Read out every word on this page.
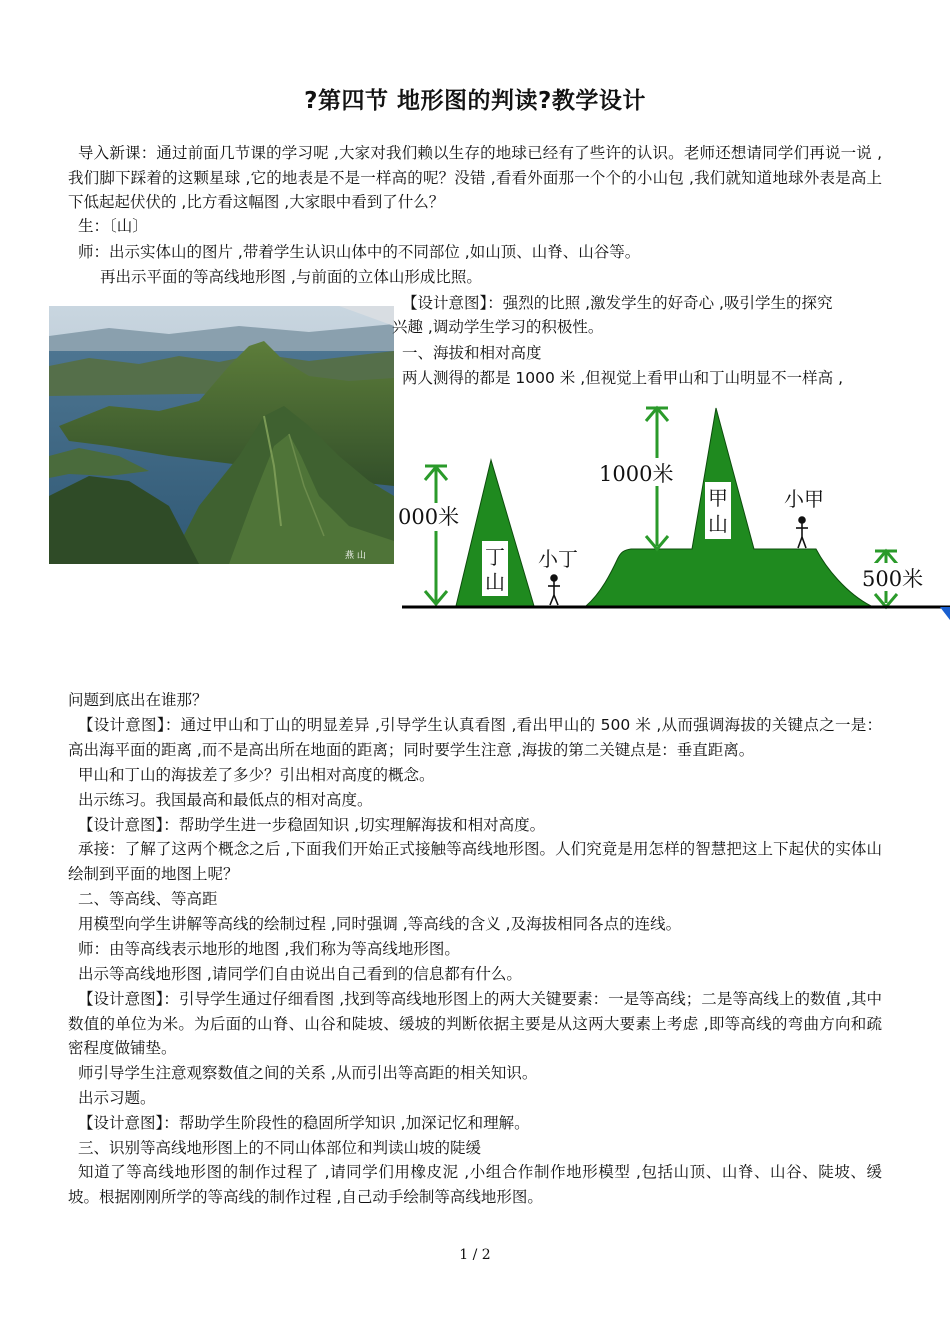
?第四节 地形图的判读?教学设计
导入新课：通过前面几节课的学习呢 ,大家对我们赖以生存的地球已经有了些许的认识。老师还想请同学们再说一说 ,我们脚下踩着的这颗星球 ,它的地表是不是一样高的呢？没错 ,看看外面那一个个的小山包 ,我们就知道地球外表是高上下低起起伏伏的 ,比方看这幅图 ,大家眼中看到了什么？
生：〔山〕
师：出示实体山的图片 ,带着学生认识山体中的不同部位 ,如山顶、山脊、山谷等。
再出示平面的等高线地形图 ,与前面的立体山形成比照。
燕 山
【设计意图】：强烈的比照 ,激发学生的好奇心 ,吸引学生的探究
兴趣 ,调动学生学习的积极性。
一、海拔和相对高度
两人测得的都是 1000 米 ,但视觉上看甲山和丁山明显不一样高 ,
丁
山
000米
小丁
甲
山
1000米
小甲
500米
问题到底出在谁那？
【设计意图】：通过甲山和丁山的明显差异 ,引导学生认真看图 ,看出甲山的 500 米 ,从而强调海拔的关键点之一是：高出海平面的距离 ,而不是高出所在地面的距离；同时要学生注意 ,海拔的第二关键点是：垂直距离。
甲山和丁山的海拔差了多少？引出相对高度的概念。
出示练习。我国最高和最低点的相对高度。
【设计意图】：帮助学生进一步稳固知识 ,切实理解海拔和相对高度。
承接：了解了这两个概念之后 ,下面我们开始正式接触等高线地形图。人们究竟是用怎样的智慧把这上下起伏的实体山绘制到平面的地图上呢？
二、等高线、等高距
用模型向学生讲解等高线的绘制过程 ,同时强调 ,等高线的含义 ,及海拔相同各点的连线。
师：由等高线表示地形的地图 ,我们称为等高线地形图。
出示等高线地形图 ,请同学们自由说出自己看到的信息都有什么。
【设计意图】：引导学生通过仔细看图 ,找到等高线地形图上的两大关键要素：一是等高线；二是等高线上的数值 ,其中数值的单位为米。为后面的山脊、山谷和陡坡、缓坡的判断依据主要是从这两大要素上考虑 ,即等高线的弯曲方向和疏密程度做铺垫。
师引导学生注意观察数值之间的关系 ,从而引出等高距的相关知识。
出示习题。
【设计意图】：帮助学生阶段性的稳固所学知识 ,加深记忆和理解。
三、识别等高线地形图上的不同山体部位和判读山坡的陡缓
知道了等高线地形图的制作过程了 ,请同学们用橡皮泥 ,小组合作制作地形模型 ,包括山顶、山脊、山谷、陡坡、缓坡。根据刚刚所学的等高线的制作过程 ,自己动手绘制等高线地形图。
1 / 2
